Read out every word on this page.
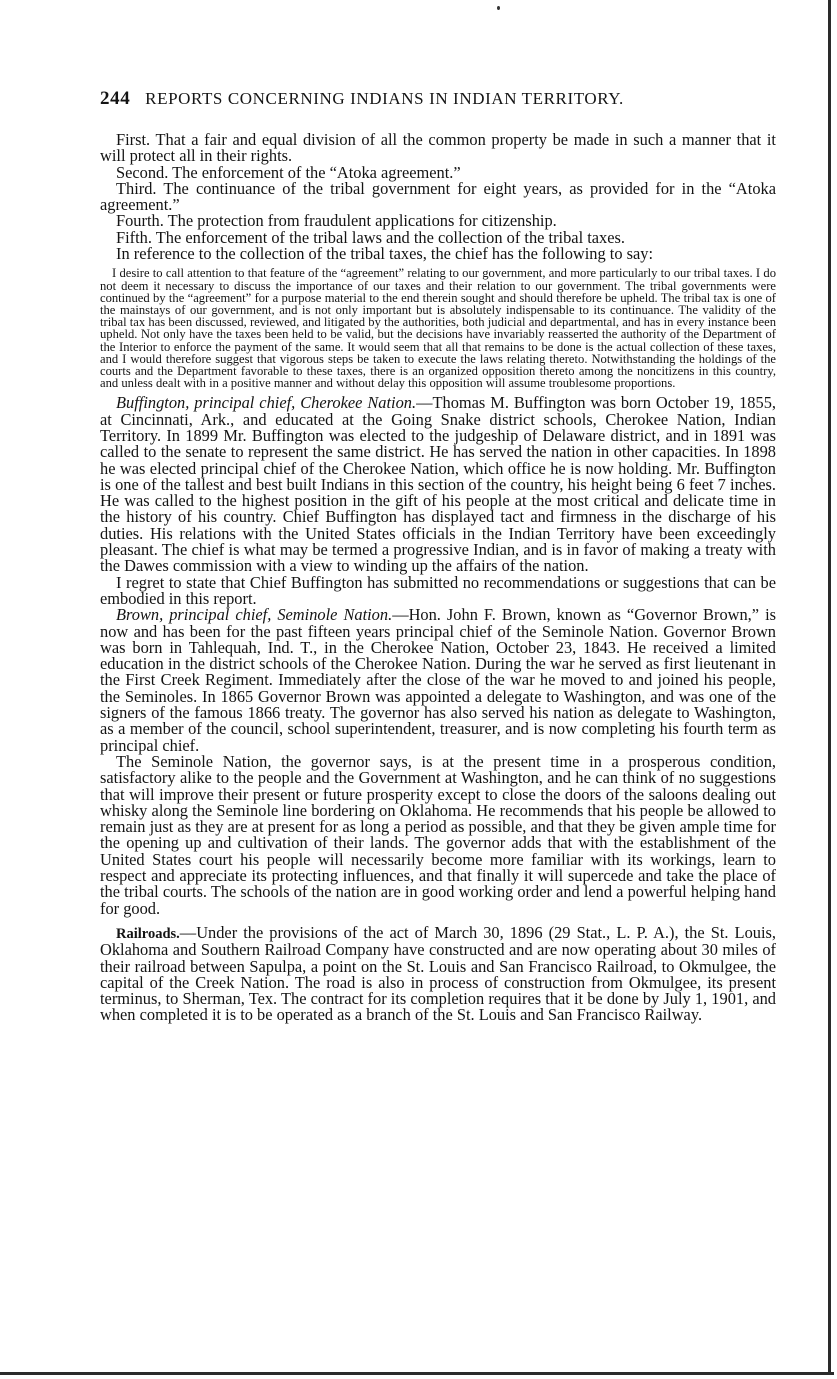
244 REPORTS CONCERNING INDIANS IN INDIAN TERRITORY.

First. That a fair and equal division of all the common property be made in such a manner that it will protect all in their rights.

Second. The enforcement of the “Atoka agreement.”

Third. The continuance of the tribal government for eight years, as provided for in the “Atoka agreement.”

Fourth. The protection from fraudulent applications for citizenship.

Fifth. The enforcement of the tribal laws and the collection of the tribal taxes.

In reference to the collection of the tribal taxes, the chief has the following to say:

I desire to call attention to that feature of the “agreement” relating to our government, and more particularly to our tribal taxes. I do not deem it necessary to discuss the importance of our taxes and their relation to our government. The tribal governments were continued by the “agreement” for a purpose material to the end therein sought and should therefore be upheld. The tribal tax is one of the mainstays of our government, and is not only important but is absolutely indispensable to its continuance. The validity of the tribal tax has been discussed, reviewed, and litigated by the authorities, both judicial and departmental, and has in every instance been upheld. Not only have the taxes been held to be valid, but the decisions have invariably reasserted the authority of the Department of the Interior to enforce the payment of the same. It would seem that all that remains to be done is the actual collection of these taxes, and I would therefore suggest that vigorous steps be taken to execute the laws relating thereto. Notwithstanding the holdings of the courts and the Department favorable to these taxes, there is an organized opposition thereto among the noncitizens in this country, and unless dealt with in a positive manner and without delay this opposition will assume troublesome proportions.

Buffington, principal chief, Cherokee Nation.—Thomas M. Buffington was born October 19, 1855, at Cincinnati, Ark., and educated at the Going Snake district schools, Cherokee Nation, Indian Territory. In 1899 Mr. Buffington was elected to the judgeship of Delaware district, and in 1891 was called to the senate to represent the same district. He has served the nation in other capacities. In 1898 he was elected principal chief of the Cherokee Nation, which office he is now holding. Mr. Buffington is one of the tallest and best built Indians in this section of the country, his height being 6 feet 7 inches. He was called to the highest position in the gift of his people at the most critical and delicate time in the history of his country. Chief Buffington has displayed tact and firmness in the discharge of his duties. His relations with the United States officials in the Indian Territory have been exceedingly pleasant. The chief is what may be termed a progressive Indian, and is in favor of making a treaty with the Dawes commission with a view to winding up the affairs of the nation.

I regret to state that Chief Buffington has submitted no recommendations or suggestions that can be embodied in this report.

Brown, principal chief, Seminole Nation.—Hon. John F. Brown, known as “Governor Brown,” is now and has been for the past fifteen years principal chief of the Seminole Nation. Governor Brown was born in Tahlequah, Ind. T., in the Cherokee Nation, October 23, 1843. He received a limited education in the district schools of the Cherokee Nation. During the war he served as first lieutenant in the First Creek Regiment. Immediately after the close of the war he moved to and joined his people, the Seminoles. In 1865 Governor Brown was appointed a delegate to Washington, and was one of the signers of the famous 1866 treaty. The governor has also served his nation as delegate to Washington, as a member of the council, school superintendent, treasurer, and is now completing his fourth term as principal chief.

The Seminole Nation, the governor says, is at the present time in a prosperous condition, satisfactory alike to the people and the Government at Washington, and he can think of no suggestions that will improve their present or future prosperity except to close the doors of the saloons dealing out whisky along the Seminole line bordering on Oklahoma. He recommends that his people be allowed to remain just as they are at present for as long a period as possible, and that they be given ample time for the opening up and cultivation of their lands. The governor adds that with the establishment of the United States court his people will necessarily become more familiar with its workings, learn to respect and appreciate its protecting influences, and that finally it will supercede and take the place of the tribal courts. The schools of the nation are in good working order and lend a powerful helping hand for good.

Railroads.—Under the provisions of the act of March 30, 1896 (29 Stat., L. P. A.), the St. Louis, Oklahoma and Southern Railroad Company have constructed and are now operating about 30 miles of their railroad between Sapulpa, a point on the St. Louis and San Francisco Railroad, to Okmulgee, the capital of the Creek Nation. The road is also in process of construction from Okmulgee, its present terminus, to Sherman, Tex. The contract for its completion requires that it be done by July 1, 1901, and when completed it is to be operated as a branch of the St. Louis and San Francisco Railway.
